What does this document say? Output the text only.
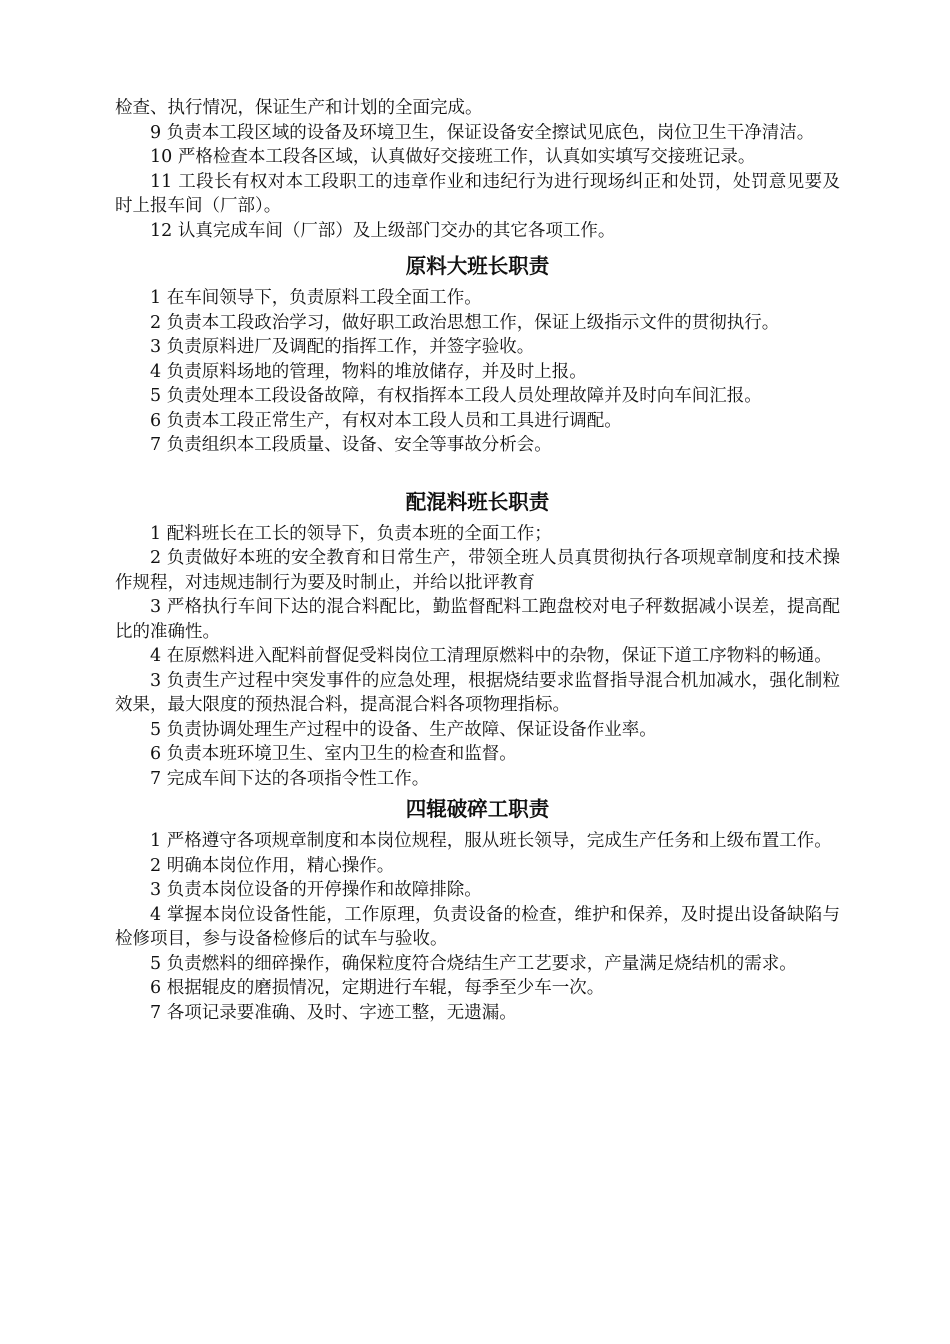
检查、执行情况，保证生产和计划的全面完成。

9 负责本工段区域的设备及环境卫生，保证设备安全擦试见底色，岗位卫生干净清洁。

10 严格检查本工段各区域，认真做好交接班工作，认真如实填写交接班记录。

11 工段长有权对本工段职工的违章作业和违纪行为进行现场纠正和处罚，处罚意见要及时上报车间（厂部）。

12 认真完成车间（厂部）及上级部门交办的其它各项工作。

原料大班长职责

1 在车间领导下，负责原料工段全面工作。

2 负责本工段政治学习，做好职工政治思想工作，保证上级指示文件的贯彻执行。

3 负责原料进厂及调配的指挥工作，并签字验收。

4 负责原料场地的管理，物料的堆放储存，并及时上报。

5 负责处理本工段设备故障，有权指挥本工段人员处理故障并及时向车间汇报。

6 负责本工段正常生产，有权对本工段人员和工具进行调配。

7 负责组织本工段质量、设备、安全等事故分析会。

配混料班长职责

1 配料班长在工长的领导下，负责本班的全面工作；

2 负责做好本班的安全教育和日常生产，带领全班人员真贯彻执行各项规章制度和技术操作规程，对违规违制行为要及时制止，并给以批评教育

3 严格执行车间下达的混合料配比，勤监督配料工跑盘校对电子秤数据减小误差，提高配比的准确性。

4 在原燃料进入配料前督促受料岗位工清理原燃料中的杂物，保证下道工序物料的畅通。

3 负责生产过程中突发事件的应急处理，根据烧结要求监督指导混合机加减水，强化制粒效果，最大限度的预热混合料，提高混合料各项物理指标。

5 负责协调处理生产过程中的设备、生产故障、保证设备作业率。

6 负责本班环境卫生、室内卫生的检查和监督。

7 完成车间下达的各项指令性工作。

四辊破碎工职责

1 严格遵守各项规章制度和本岗位规程，服从班长领导，完成生产任务和上级布置工作。

2 明确本岗位作用，精心操作。

3 负责本岗位设备的开停操作和故障排除。

4 掌握本岗位设备性能，工作原理，负责设备的检查，维护和保养，及时提出设备缺陷与检修项目，参与设备检修后的试车与验收。

5 负责燃料的细碎操作，确保粒度符合烧结生产工艺要求，产量满足烧结机的需求。

6 根据辊皮的磨损情况，定期进行车辊，每季至少车一次。

7 各项记录要准确、及时、字迹工整，无遗漏。
